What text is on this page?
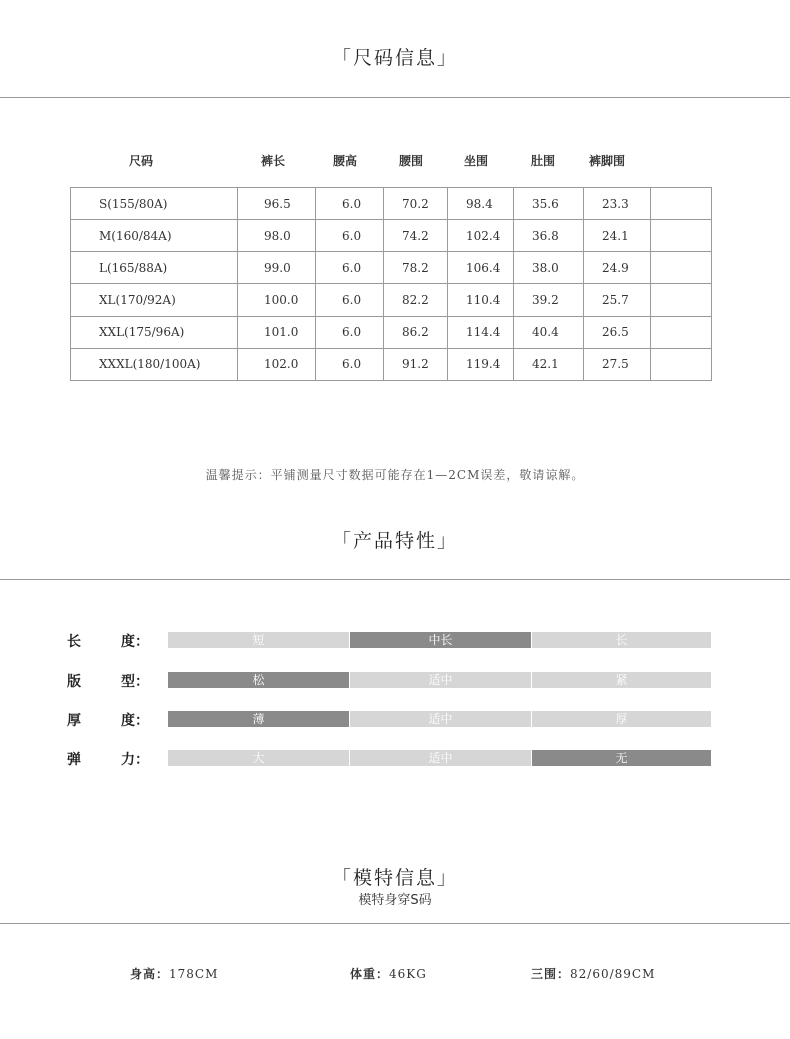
「尺码信息」
尺码	裤长	腰高	腰围	坐围	肚围	裤脚围
S(155/80A)	96.5	6.0	70.2	98.4	35.6	23.3	
M(160/84A)	98.0	6.0	74.2	102.4	36.8	24.1	
L(165/88A)	99.0	6.0	78.2	106.4	38.0	24.9	
XL(170/92A)	100.0	6.0	82.2	110.4	39.2	25.7	
XXL(175/96A)	101.0	6.0	86.2	114.4	40.4	26.5	
XXXL(180/100A)	102.0	6.0	91.2	119.4	42.1	27.5	
温馨提示：平铺测量尺寸数据可能存在1—2CM误差，敬请谅解。
「产品特性」
长	度：	短	中长	长
版	型：	松	适中	紧
厚	度：	薄	适中	厚
弹	力：	大	适中	无
「模特信息」
模特身穿S码
身高：178CM	体重：46KG	三围：82/60/89CM
